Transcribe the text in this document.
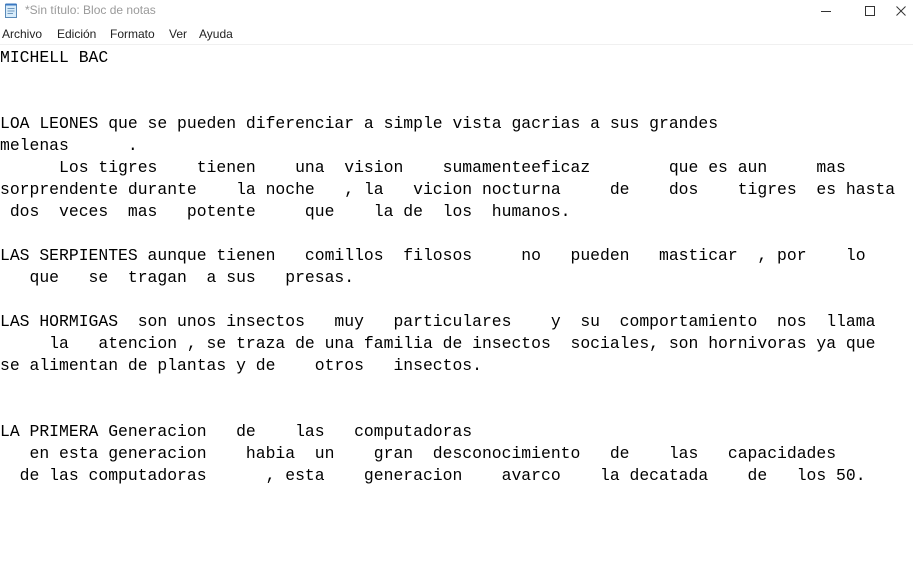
*Sin título: Bloc de notas
Archivo Edición Formato Ver Ayuda
MICHELL BAC
LOA LEONES que se pueden diferenciar a simple vista gacrias a sus grandes
melenas      .
Los tigres    tienen    una  vision    sumamenteeficaz        que es aun     mas
sorprendente durante    la noche   , la   vicion nocturna     de    dos    tigres  es hasta
dos  veces  mas   potente     que    la de  los  humanos.
LAS SERPIENTES aunque tienen   comillos  filosos     no   pueden   masticar  , por    lo
que   se  tragan  a sus   presas.
LAS HORMIGAS  son unos insectos   muy   particulares    y  su  comportamiento  nos  llama
la   atencion , se traza de una familia de insectos  sociales, son hornivoras ya que
se alimentan de plantas y de    otros   insectos.
LA PRIMERA Generacion   de    las   computadoras
en esta generacion    habia  un    gran  desconocimiento   de    las   capacidades
de las computadoras      , esta    generacion    avarco    la decatada    de   los 50.
